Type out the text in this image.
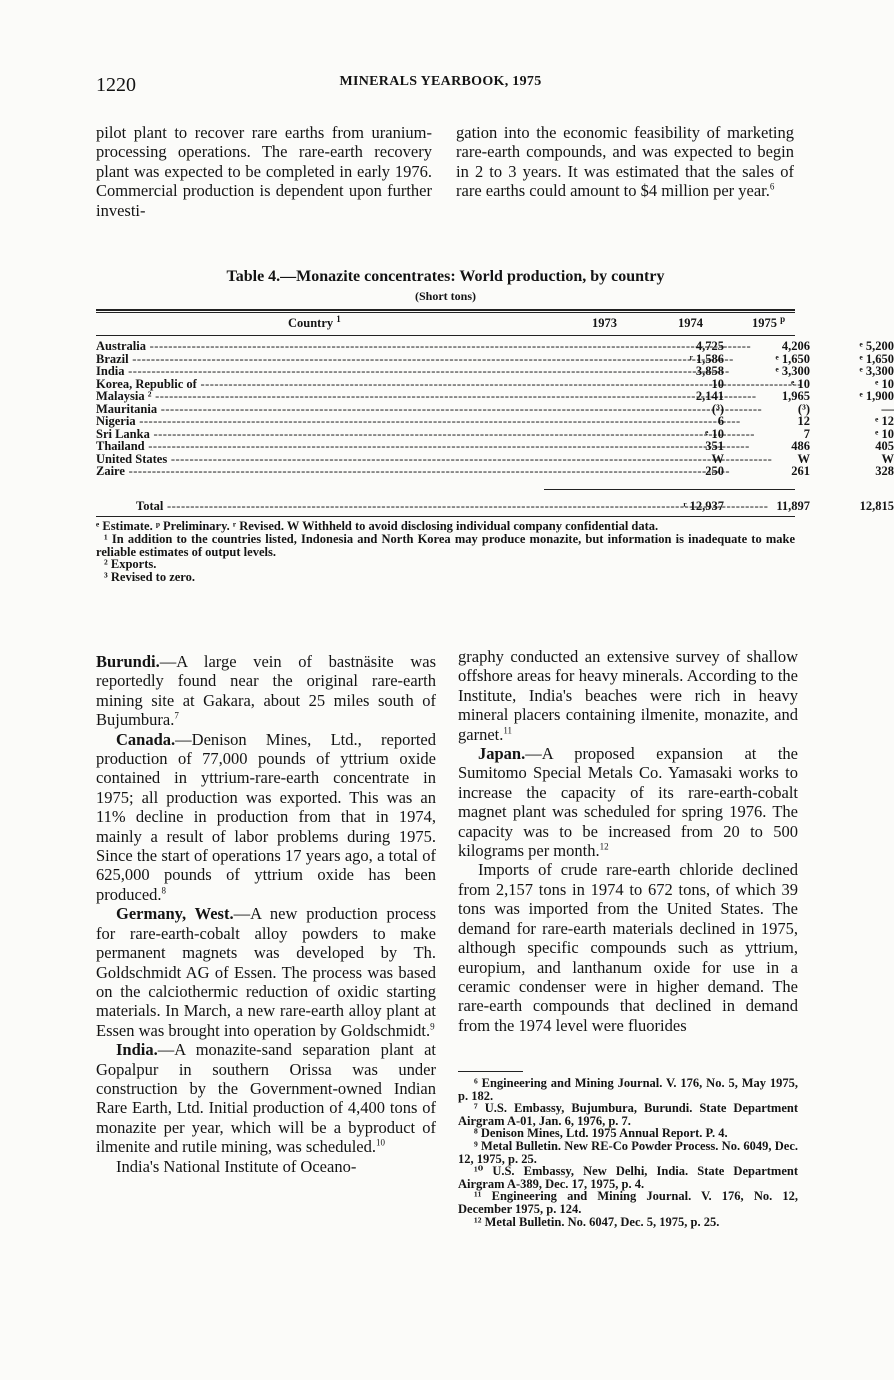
1220	MINERALS YEARBOOK, 1975

pilot plant to recover rare earths from uranium-processing operations. The rare-earth recovery plant was expected to be completed in early 1976. Commercial production is dependent upon further investi-

gation into the economic feasibility of marketing rare-earth compounds, and was expected to begin in 2 to 3 years. It was estimated that the sales of rare earths could amount to $4 million per year.$^6$

Table 4.—Monazite concentrates: World production, by country
(Short tons)
Country $^1$	1973	1974	1975 $^p$
Australia -----	4,725	4,206	ᵉ 5,200
Brazil -----	ʳ 1,586	ᵉ 1,650	ᵉ 1,650
India -----	3,858	ᵉ 3,300	ᵉ 3,300
Korea, Republic of -----	10	ᵉ 10	ᵉ 10
Malaysia ² -----	2,141	1,965	ᵉ 1,900
Mauritania -----	(³)	(³)	—
Nigeria -----	6	12	ᵉ 12
Sri Lanka -----	ᵉ 10	7	ᵉ 10
Thailand -----	351	486	405
United States -----	W	W	W
Zaire -----	250	261	328
Total -----	ʳ 12,937	11,897	12,815

ᵉ Estimate. ᵖ Preliminary. ʳ Revised. W Withheld to avoid disclosing individual company confidential data.

¹ In addition to the countries listed, Indonesia and North Korea may produce monazite, but information is inadequate to make reliable estimates of output levels.

² Exports.

³ Revised to zero.

Burundi.—A large vein of bastnäsite was reportedly found near the original rare-earth mining site at Gakara, about 25 miles south of Bujumbura.$^7$

Canada.—Denison Mines, Ltd., reported production of 77,000 pounds of yttrium oxide contained in yttrium-rare-earth concentrate in 1975; all production was exported. This was an 11% decline in production from that in 1974, mainly a result of labor problems during 1975. Since the start of operations 17 years ago, a total of 625,000 pounds of yttrium oxide has been produced.$^8$

Germany, West.—A new production process for rare-earth-cobalt alloy powders to make permanent magnets was developed by Th. Goldschmidt AG of Essen. The process was based on the calciothermic reduction of oxidic starting materials. In March, a new rare-earth alloy plant at Essen was brought into operation by Goldschmidt.$^9$

India.—A monazite-sand separation plant at Gopalpur in southern Orissa was under construction by the Government-owned Indian Rare Earth, Ltd. Initial production of 4,400 tons of monazite per year, which will be a byproduct of ilmenite and rutile mining, was scheduled.$^{10}$

India's National Institute of Oceano-

graphy conducted an extensive survey of shallow offshore areas for heavy minerals. According to the Institute, India's beaches were rich in heavy mineral placers containing ilmenite, monazite, and garnet.$^{11}$

Japan.—A proposed expansion at the Sumitomo Special Metals Co. Yamasaki works to increase the capacity of its rare-earth-cobalt magnet plant was scheduled for spring 1976. The capacity was to be increased from 20 to 500 kilograms per month.$^{12}$

Imports of crude rare-earth chloride declined from 2,157 tons in 1974 to 672 tons, of which 39 tons was imported from the United States. The demand for rare-earth materials declined in 1975, although specific compounds such as yttrium, europium, and lanthanum oxide for use in a ceramic condenser were in higher demand. The rare-earth compounds that declined in demand from the 1974 level were fluorides

⁶ Engineering and Mining Journal. V. 176, No. 5, May 1975, p. 182.

⁷ U.S. Embassy, Bujumbura, Burundi. State Department Airgram A-01, Jan. 6, 1976, p. 7.

⁸ Denison Mines, Ltd. 1975 Annual Report. P. 4.

⁹ Metal Bulletin. New RE-Co Powder Process. No. 6049, Dec. 12, 1975, p. 25.

¹⁰ U.S. Embassy, New Delhi, India. State Department Airgram A-389, Dec. 17, 1975, p. 4.

¹¹ Engineering and Mining Journal. V. 176, No. 12, December 1975, p. 124.

¹² Metal Bulletin. No. 6047, Dec. 5, 1975, p. 25.
